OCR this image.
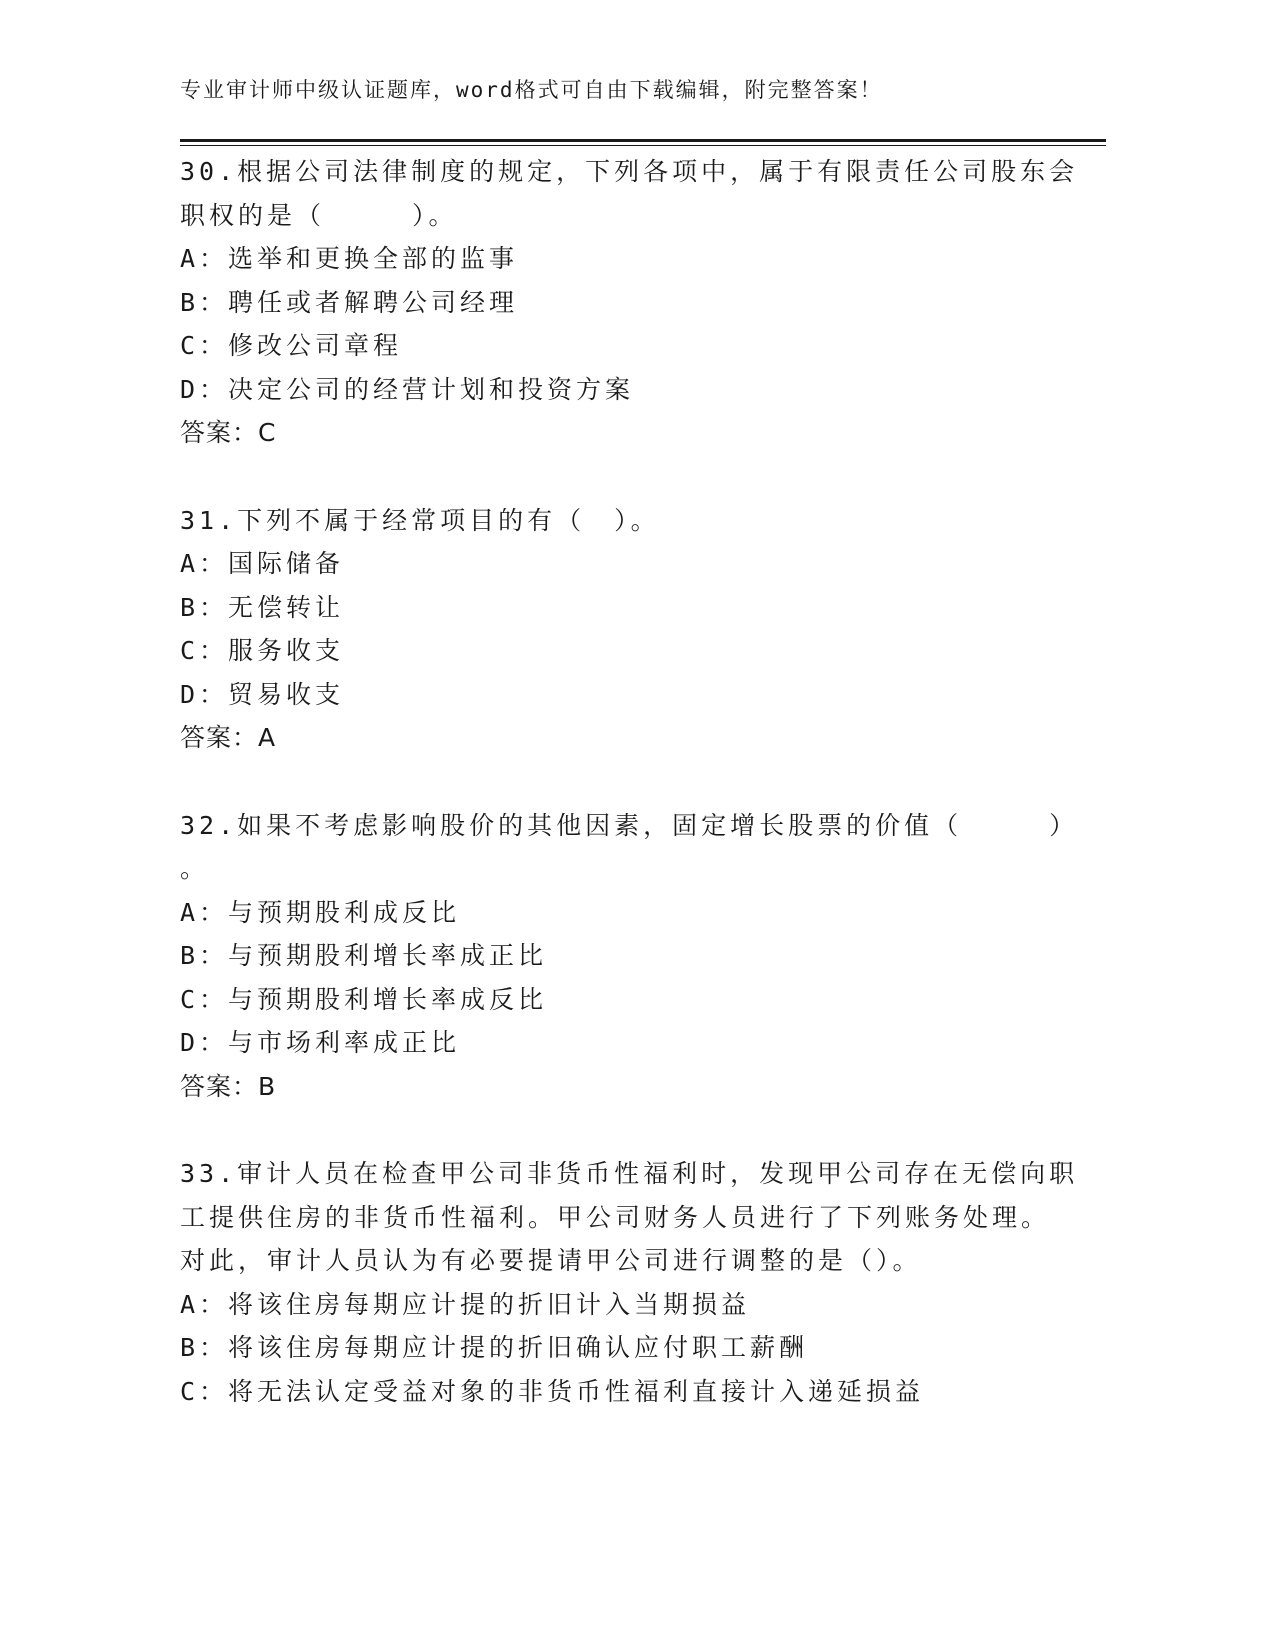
专业审计师中级认证题库，word格式可自由下载编辑，附完整答案！
30.根据公司法律制度的规定，下列各项中，属于有限责任公司股东会
职权的是（　　　）。
A：选举和更换全部的监事
B：聘任或者解聘公司经理
C：修改公司章程
D：决定公司的经营计划和投资方案
答案：C
31.下列不属于经常项目的有（　）。
A：国际储备
B：无偿转让
C：服务收支
D：贸易收支
答案：A
32.如果不考虑影响股价的其他因素，固定增长股票的价值（　　　）
。
A：与预期股利成反比
B：与预期股利增长率成正比
C：与预期股利增长率成反比
D：与市场利率成正比
答案：B
33.审计人员在检查甲公司非货币性福利时，发现甲公司存在无偿向职
工提供住房的非货币性福利。甲公司财务人员进行了下列账务处理。
对此，审计人员认为有必要提请甲公司进行调整的是（）。
A：将该住房每期应计提的折旧计入当期损益
B：将该住房每期应计提的折旧确认应付职工薪酬
C：将无法认定受益对象的非货币性福利直接计入递延损益
